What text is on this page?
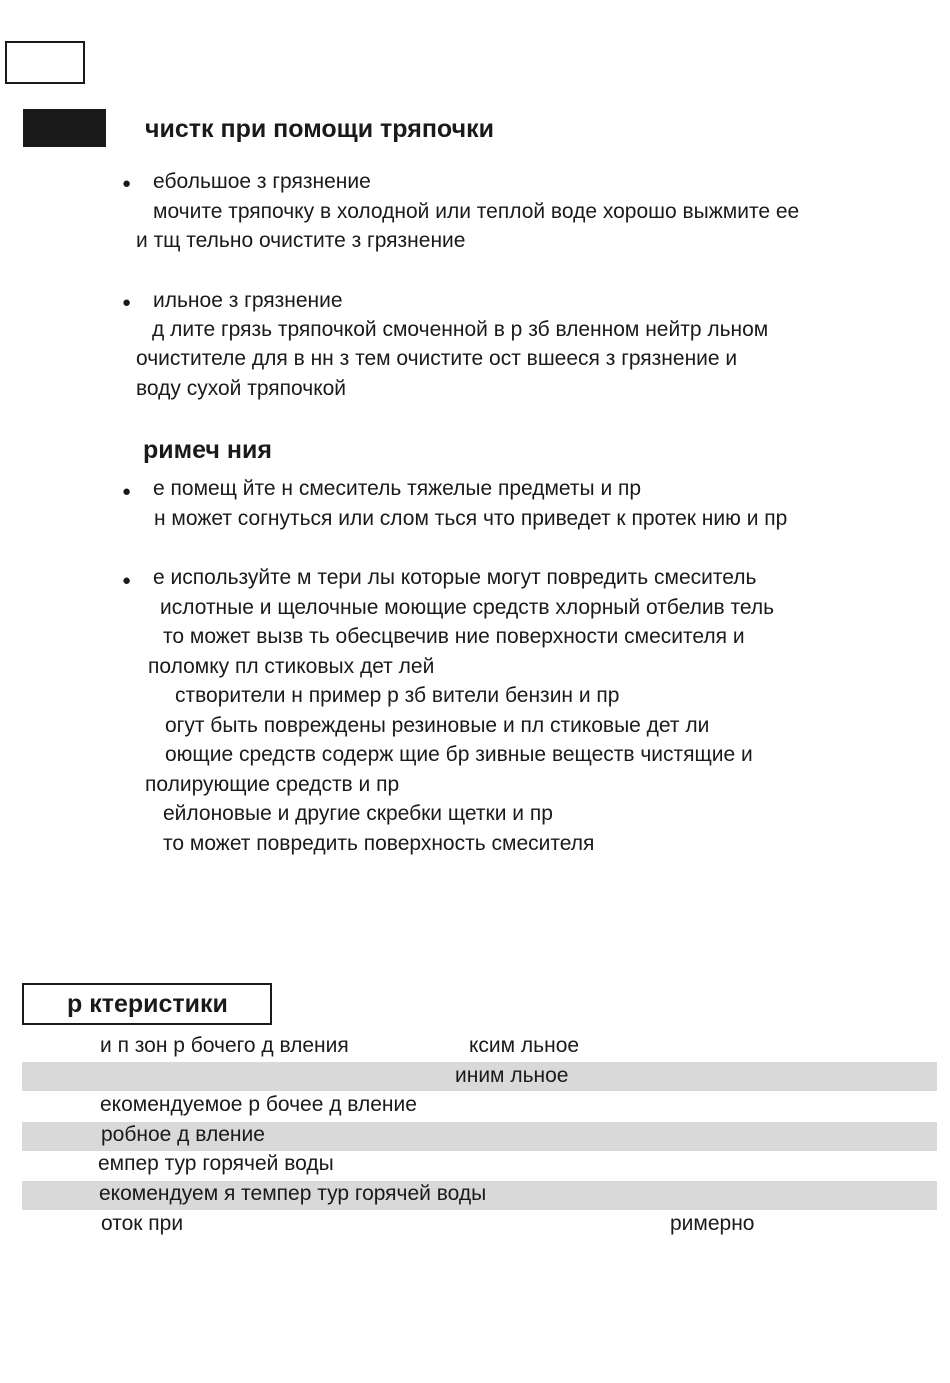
чистк при помощи тряпочки
● ебольшое з грязнение
мочите тряпочку в холодной или теплой воде хорошо выжмите ее
и тщ тельно очистите з грязнение
● ильное з грязнение
д лите грязь тряпочкой смоченной в р зб вленном нейтр льном
очистителе для в нн з тем очистите ост вшееся з грязнение и
воду сухой тряпочкой
римеч ния
● е помещ йте н смеситель тяжелые предметы и пр
н может согнуться или слом ться что приведет к протек нию и пр
● е используйте м тери лы которые могут повредить смеситель
ислотные и щелочные моющие средств хлорный отбелив тель
то может вызв ть обесцвечив ние поверхности смесителя и
поломку пл стиковых дет лей
створители н пример р зб вители бензин и пр
огут быть повреждены резиновые и пл стиковые дет ли
оющие средств содерж щие бр зивные веществ чистящие и
полирующие средств и пр
ейлоновые и другие скребки щетки и пр
то может повредить поверхность смесителя
р ктеристики
и п зон р бочего д вления	ксим льное
иним льное
екомендуемое р бочее д вление
робное д вление
емпер тур горячей воды
екомендуем я темпер тур горячей воды
оток при	римерно
